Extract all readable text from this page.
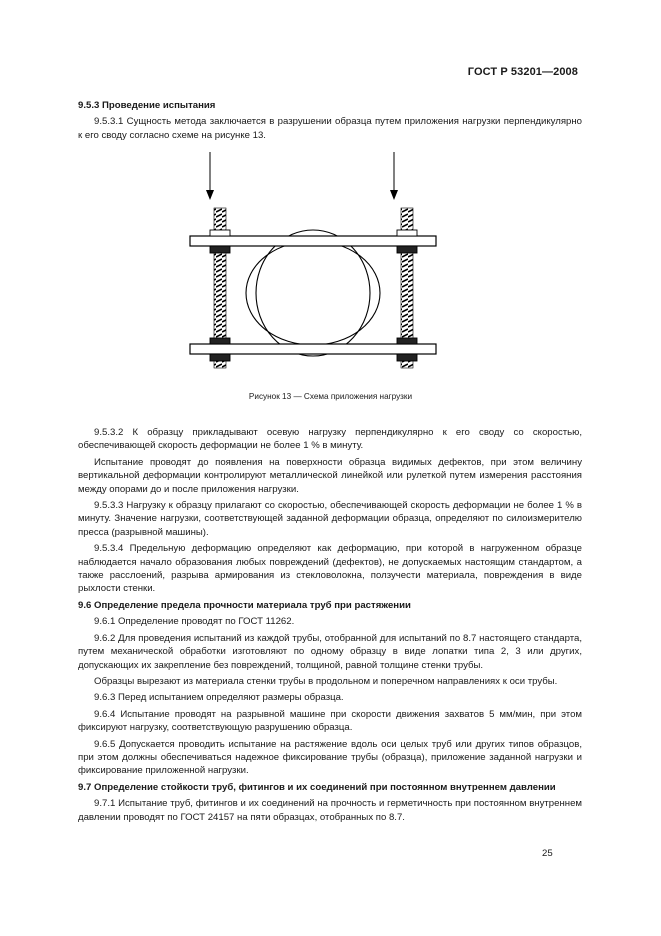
ГОСТ Р 53201—2008
9.5.3 Проведение испытания

9.5.3.1 Сущность метода заключается в разрушении образца путем приложения нагрузки перпендикулярно к его своду согласно схеме на рисунке 13.

Рисунок 13 — Схема приложения нагрузки

9.5.3.2 К образцу прикладывают осевую нагрузку перпендикулярно к его своду со скоростью, обеспечивающей скорость деформации не более 1 % в минуту.

Испытание проводят до появления на поверхности образца видимых дефектов, при этом величину вертикальной деформации контролируют металлической линейкой или рулеткой путем измерения расстояния между опорами до и после приложения нагрузки.

9.5.3.3 Нагрузку к образцу прилагают со скоростью, обеспечивающей скорость деформации не более 1 % в минуту. Значение нагрузки, соответствующей заданной деформации образца, определяют по силоизмерителю пресса (разрывной машины).

9.5.3.4 Предельную деформацию определяют как деформацию, при которой в нагруженном образце наблюдается начало образования любых повреждений (дефектов), не допускаемых настоящим стандартом, а также расслоений, разрыва армирования из стекловолокна, ползучести материала, повреждения в виде рыхлости стенки.

9.6 Определение предела прочности материала труб при растяжении

9.6.1 Определение проводят по ГОСТ 11262.

9.6.2 Для проведения испытаний из каждой трубы, отобранной для испытаний по 8.7 настоящего стандарта, путем механической обработки изготовляют по одному образцу в виде лопатки типа 2, 3 или других, допускающих их закрепление без повреждений, толщиной, равной толщине стенки трубы.

Образцы вырезают из материала стенки трубы в продольном и поперечном направлениях к оси трубы.

9.6.3 Перед испытанием определяют размеры образца.

9.6.4 Испытание проводят на разрывной машине при скорости движения захватов 5 мм/мин, при этом фиксируют нагрузку, соответствующую разрушению образца.

9.6.5 Допускается проводить испытание на растяжение вдоль оси целых труб или других типов образцов, при этом должны обеспечиваться надежное фиксирование трубы (образца), приложение заданной нагрузки и фиксирование приложенной нагрузки.

9.7 Определение стойкости труб, фитингов и их соединений при постоянном внутреннем давлении

9.7.1 Испытание труб, фитингов и их соединений на прочность и герметичность при постоянном внутреннем давлении проводят по ГОСТ 24157 на пяти образцах, отобранных по 8.7.

25
